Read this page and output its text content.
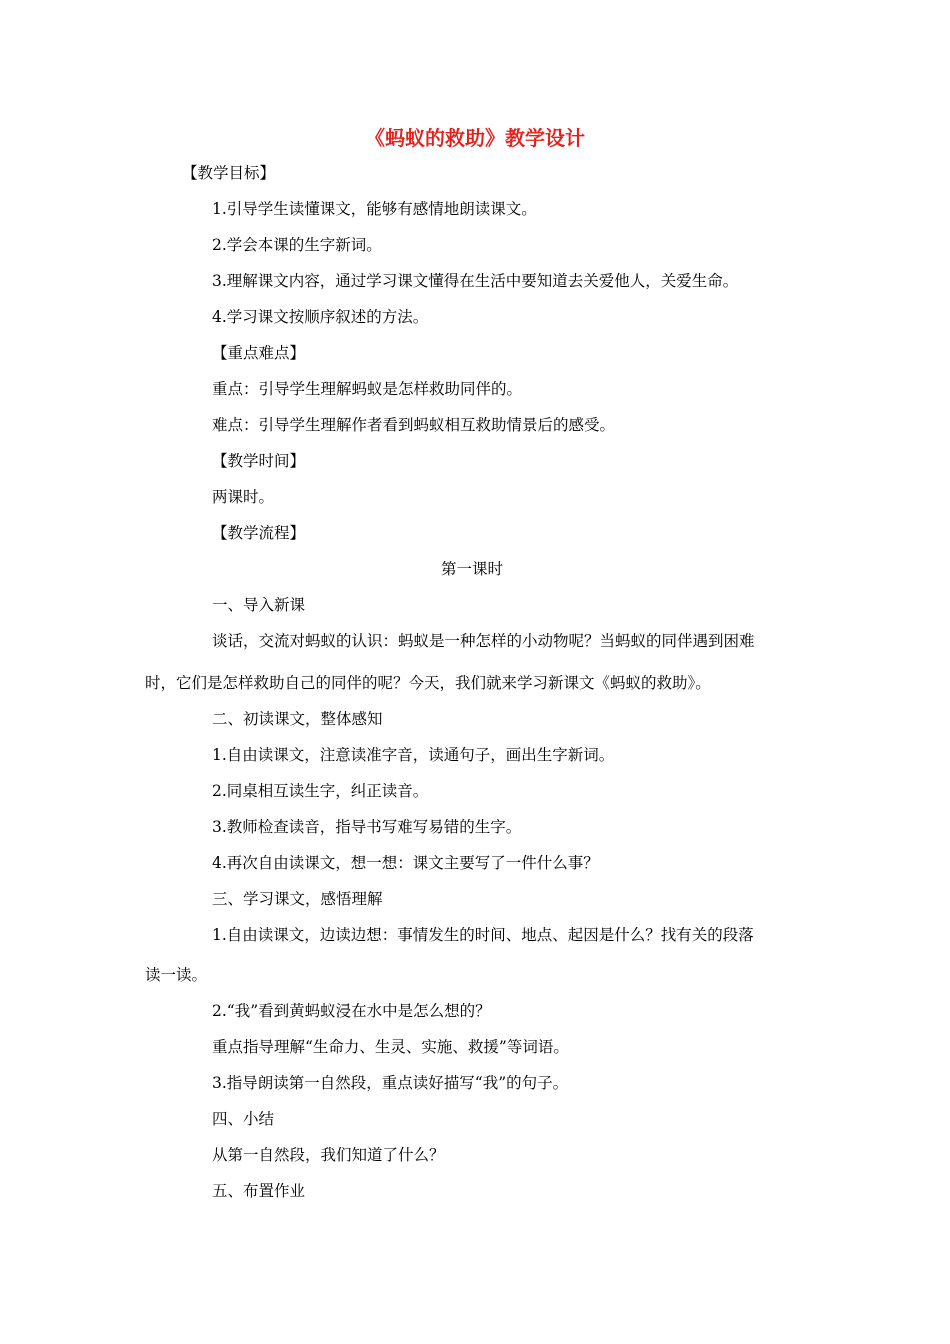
《蚂蚁的救助》教学设计
【教学目标】
1.引导学生读懂课文，能够有感情地朗读课文。
2.学会本课的生字新词。
3.理解课文内容，通过学习课文懂得在生活中要知道去关爱他人，关爱生命。
4.学习课文按顺序叙述的方法。
【重点难点】
重点：引导学生理解蚂蚁是怎样救助同伴的。
难点：引导学生理解作者看到蚂蚁相互救助情景后的感受。
【教学时间】
两课时。
【教学流程】
第一课时
一、导入新课
谈话，交流对蚂蚁的认识：蚂蚁是一种怎样的小动物呢？当蚂蚁的同伴遇到困难
时，它们是怎样救助自己的同伴的呢？今天，我们就来学习新课文《蚂蚁的救助》。
二、初读课文，整体感知
1.自由读课文，注意读准字音，读通句子，画出生字新词。
2.同桌相互读生字，纠正读音。
3.教师检查读音，指导书写难写易错的生字。
4.再次自由读课文，想一想：课文主要写了一件什么事？
三、学习课文，感悟理解
1.自由读课文，边读边想：事情发生的时间、地点、起因是什么？找有关的段落
读一读。
2.“我”看到黄蚂蚁浸在水中是怎么想的？
重点指导理解“生命力、生灵、实施、救援”等词语。
3.指导朗读第一自然段，重点读好描写“我”的句子。
四、小结
从第一自然段，我们知道了什么？
五、布置作业
